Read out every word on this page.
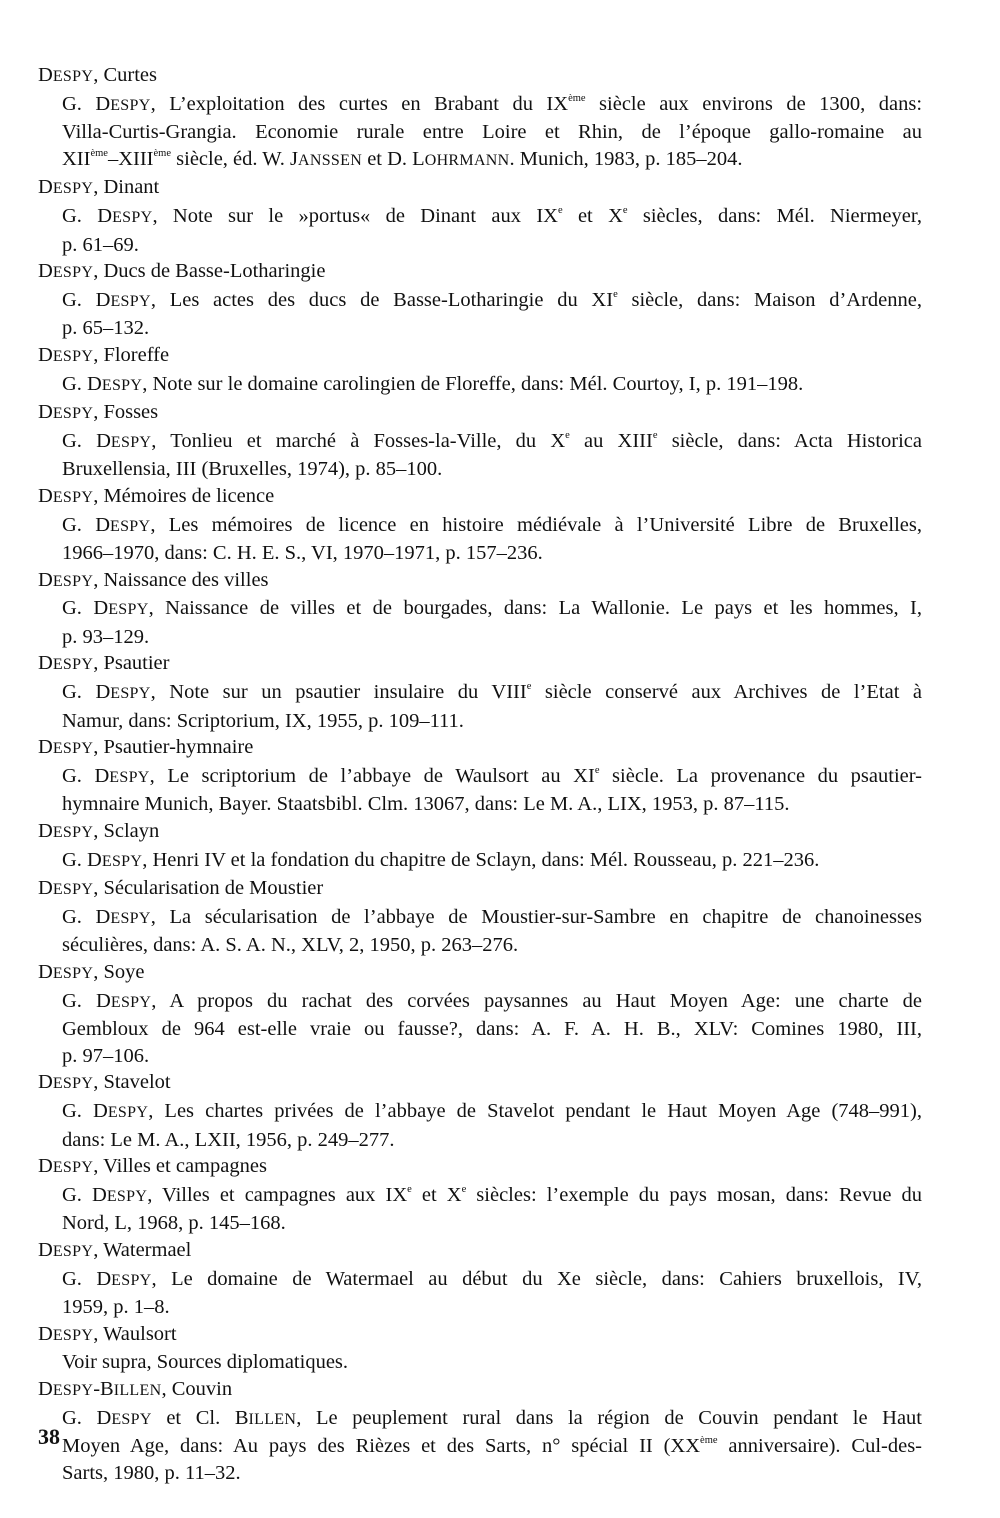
DESPY, Curtes
G. DESPY, L’exploitation des curtes en Brabant du IXème siècle aux environs de 1300, dans:
Villa-Curtis-Grangia. Economie rurale entre Loire et Rhin, de l’époque gallo-romaine au
XIIème–XIIIème siècle, éd. W. JANSSEN et D. LOHRMANN. Munich, 1983, p. 185–204.
DESPY, Dinant
G. DESPY, Note sur le »portus« de Dinant aux IXe et Xe siècles, dans: Mél. Niermeyer,
p. 61–69.
DESPY, Ducs de Basse-Lotharingie
G. DESPY, Les actes des ducs de Basse-Lotharingie du XIe siècle, dans: Maison d’Ardenne,
p. 65–132.
DESPY, Floreffe
G. DESPY, Note sur le domaine carolingien de Floreffe, dans: Mél. Courtoy, I, p. 191–198.
DESPY, Fosses
G. DESPY, Tonlieu et marché à Fosses-la-Ville, du Xe au XIIIe siècle, dans: Acta Historica
Bruxellensia, III (Bruxelles, 1974), p. 85–100.
DESPY, Mémoires de licence
G. DESPY, Les mémoires de licence en histoire médiévale à l’Université Libre de Bruxelles,
1966–1970, dans: C. H. E. S., VI, 1970–1971, p. 157–236.
DESPY, Naissance des villes
G. DESPY, Naissance de villes et de bourgades, dans: La Wallonie. Le pays et les hommes, I,
p. 93–129.
DESPY, Psautier
G. DESPY, Note sur un psautier insulaire du VIIIe siècle conservé aux Archives de l’Etat à
Namur, dans: Scriptorium, IX, 1955, p. 109–111.
DESPY, Psautier-hymnaire
G. DESPY, Le scriptorium de l’abbaye de Waulsort au XIe siècle. La provenance du psautier-
hymnaire Munich, Bayer. Staatsbibl. Clm. 13067, dans: Le M. A., LIX, 1953, p. 87–115.
DESPY, Sclayn
G. DESPY, Henri IV et la fondation du chapitre de Sclayn, dans: Mél. Rousseau, p. 221–236.
DESPY, Sécularisation de Moustier
G. DESPY, La sécularisation de l’abbaye de Moustier-sur-Sambre en chapitre de chanoinesses
séculières, dans: A. S. A. N., XLV, 2, 1950, p. 263–276.
DESPY, Soye
G. DESPY, A propos du rachat des corvées paysannes au Haut Moyen Age: une charte de
Gembloux de 964 est-elle vraie ou fausse?, dans: A. F. A. H. B., XLV: Comines 1980, III,
p. 97–106.
DESPY, Stavelot
G. DESPY, Les chartes privées de l’abbaye de Stavelot pendant le Haut Moyen Age (748–991),
dans: Le M. A., LXII, 1956, p. 249–277.
DESPY, Villes et campagnes
G. DESPY, Villes et campagnes aux IXe et Xe siècles: l’exemple du pays mosan, dans: Revue du
Nord, L, 1968, p. 145–168.
DESPY, Watermael
G. DESPY, Le domaine de Watermael au début du Xe siècle, dans: Cahiers bruxellois, IV,
1959, p. 1–8.
DESPY, Waulsort
Voir supra, Sources diplomatiques.
DESPY-BILLEN, Couvin
G. DESPY et Cl. BILLEN, Le peuplement rural dans la région de Couvin pendant le Haut
Moyen Age, dans: Au pays des Rièzes et des Sarts, n° spécial II (XXème anniversaire). Cul-des-
Sarts, 1980, p. 11–32.
38
